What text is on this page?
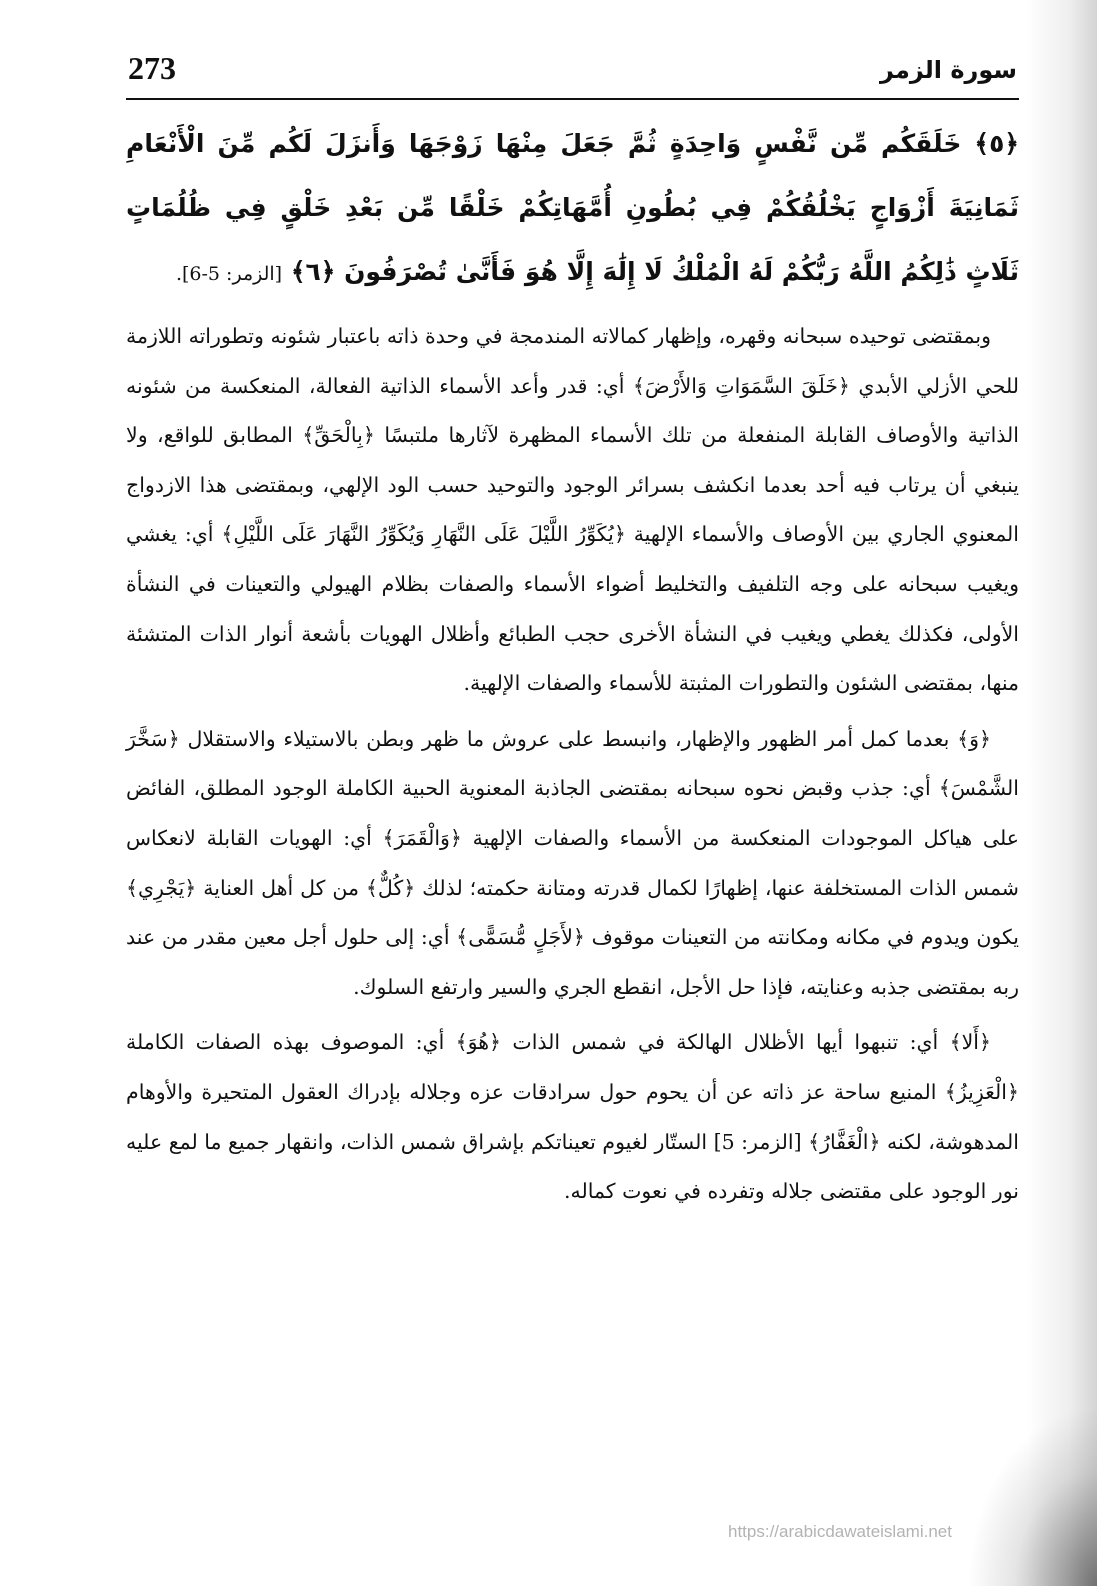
273	سورة الزمر
﴿٥﴾ خَلَقَكُم مِّن نَّفْسٍ وَاحِدَةٍ ثُمَّ جَعَلَ مِنْهَا زَوْجَهَا وَأَنزَلَ لَكُم مِّنَ الْأَنْعَامِ ثَمَانِيَةَ أَزْوَاجٍ يَخْلُقُكُمْ فِي بُطُونِ أُمَّهَاتِكُمْ خَلْقًا مِّن بَعْدِ خَلْقٍ فِي ظُلُمَاتٍ ثَلَاثٍ ذَٰلِكُمُ اللَّهُ رَبُّكُمْ لَهُ الْمُلْكُ لَا إِلَٰهَ إِلَّا هُوَ فَأَنَّىٰ تُصْرَفُونَ ﴿٦﴾ [الزمر: 5-6].

وبمقتضى توحيده سبحانه وقهره، وإظهار كمالاته المندمجة في وحدة ذاته باعتبار شئونه وتطوراته اللازمة للحي الأزلي الأبدي ﴿خَلَقَ السَّمَوَاتِ وَالأَرْضَ﴾ أي: قدر وأعد الأسماء الذاتية الفعالة، المنعكسة من شئونه الذاتية والأوصاف القابلة المنفعلة من تلك الأسماء المظهرة لآثارها ملتبسًا ﴿بِالْحَقِّ﴾ المطابق للواقع، ولا ينبغي أن يرتاب فيه أحد بعدما انكشف بسرائر الوجود والتوحيد حسب الود الإلهي، وبمقتضى هذا الازدواج المعنوي الجاري بين الأوصاف والأسماء الإلهية ﴿يُكَوِّرُ اللَّيْلَ عَلَى النَّهَارِ وَيُكَوِّرُ النَّهَارَ عَلَى اللَّيْلِ﴾ أي: يغشي ويغيب سبحانه على وجه التلفيف والتخليط أضواء الأسماء والصفات بظلام الهيولي والتعينات في النشأة الأولى، فكذلك يغطي ويغيب في النشأة الأخرى حجب الطبائع وأظلال الهويات بأشعة أنوار الذات المتشئة منها، بمقتضى الشئون والتطورات المثبتة للأسماء والصفات الإلهية.

﴿وَ﴾ بعدما كمل أمر الظهور والإظهار، وانبسط على عروش ما ظهر وبطن بالاستيلاء والاستقلال ﴿سَخَّرَ الشَّمْسَ﴾ أي: جذب وقبض نحوه سبحانه بمقتضى الجاذبة المعنوية الحبية الكاملة الوجود المطلق، الفائض على هياكل الموجودات المنعكسة من الأسماء والصفات الإلهية ﴿وَالْقَمَرَ﴾ أي: الهويات القابلة لانعكاس شمس الذات المستخلفة عنها، إظهارًا لكمال قدرته ومتانة حكمته؛ لذلك ﴿كُلٌّ﴾ من كل أهل العناية ﴿يَجْرِي﴾ يكون ويدوم في مكانه ومكانته من التعينات موقوف ﴿لأَجَلٍ مُّسَمًّى﴾ أي: إلى حلول أجل معين مقدر من عند ربه بمقتضى جذبه وعنايته، فإذا حل الأجل، انقطع الجري والسير وارتفع السلوك.

﴿أَلا﴾ أي: تنبهوا أيها الأظلال الهالكة في شمس الذات ﴿هُوَ﴾ أي: الموصوف بهذه الصفات الكاملة ﴿الْعَزِيزُ﴾ المنيع ساحة عز ذاته عن أن يحوم حول سرادقات عزه وجلاله بإدراك العقول المتحيرة والأوهام المدهوشة، لكنه ﴿الْغَفَّارُ﴾ [الزمر: 5] الستّار لغيوم تعيناتكم بإشراق شمس الذات، وانقهار جميع ما لمع عليه نور الوجود على مقتضى جلاله وتفرده في نعوت كماله.

https://arabicdawateislami.net
